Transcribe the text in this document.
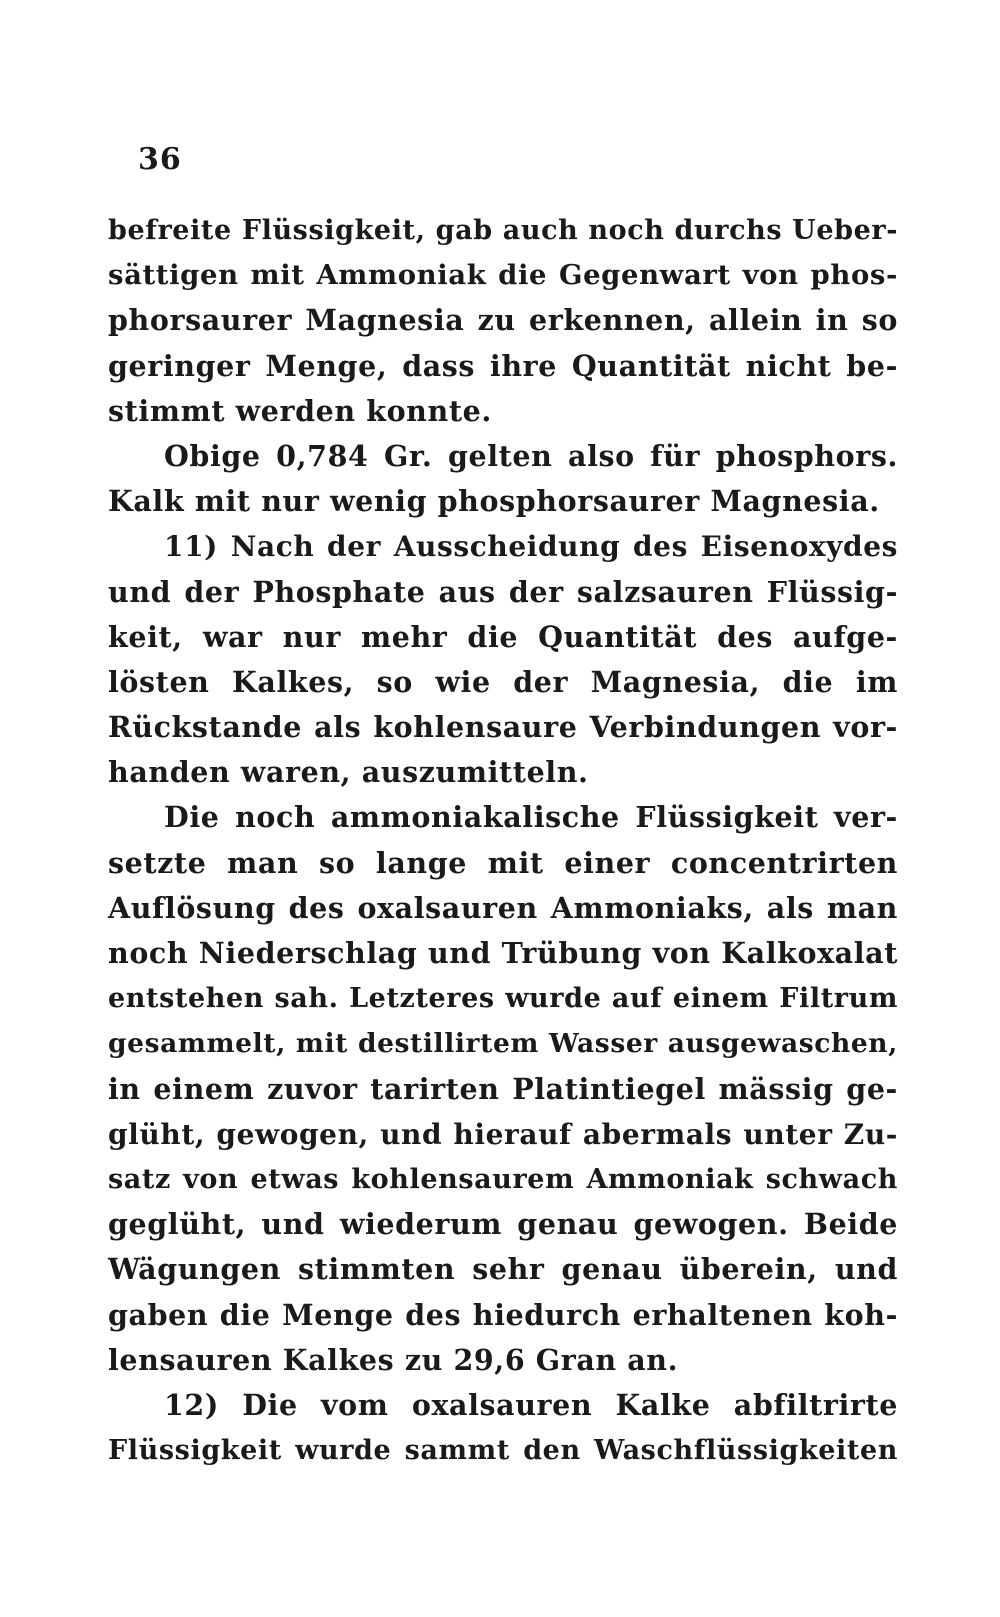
36
befreite Flüssigkeit, gab auch noch durchs Ueber-
sättigen mit Ammoniak die Gegenwart von phos-
phorsaurer Magnesia zu erkennen, allein in so
geringer Menge, dass ihre Quantität nicht be-
stimmt werden konnte.
Obige 0,784 Gr. gelten also für phosphors.
Kalk mit nur wenig phosphorsaurer Magnesia.
11) Nach der Ausscheidung des Eisenoxydes
und der Phosphate aus der salzsauren Flüssig-
keit, war nur mehr die Quantität des aufge-
lösten Kalkes, so wie der Magnesia, die im
Rückstande als kohlensaure Verbindungen vor-
handen waren, auszumitteln.
Die noch ammoniakalische Flüssigkeit ver-
setzte man so lange mit einer concentrirten
Auflösung des oxalsauren Ammoniaks, als man
noch Niederschlag und Trübung von Kalkoxalat
entstehen sah. Letzteres wurde auf einem Filtrum
gesammelt, mit destillirtem Wasser ausgewaschen,
in einem zuvor tarirten Platintiegel mässig ge-
glüht, gewogen, und hierauf abermals unter Zu-
satz von etwas kohlensaurem Ammoniak schwach
geglüht, und wiederum genau gewogen. Beide
Wägungen stimmten sehr genau überein, und
gaben die Menge des hiedurch erhaltenen koh-
lensauren Kalkes zu 29,6 Gran an.
12) Die vom oxalsauren Kalke abfiltrirte
Flüssigkeit wurde sammt den Waschflüssigkeiten
